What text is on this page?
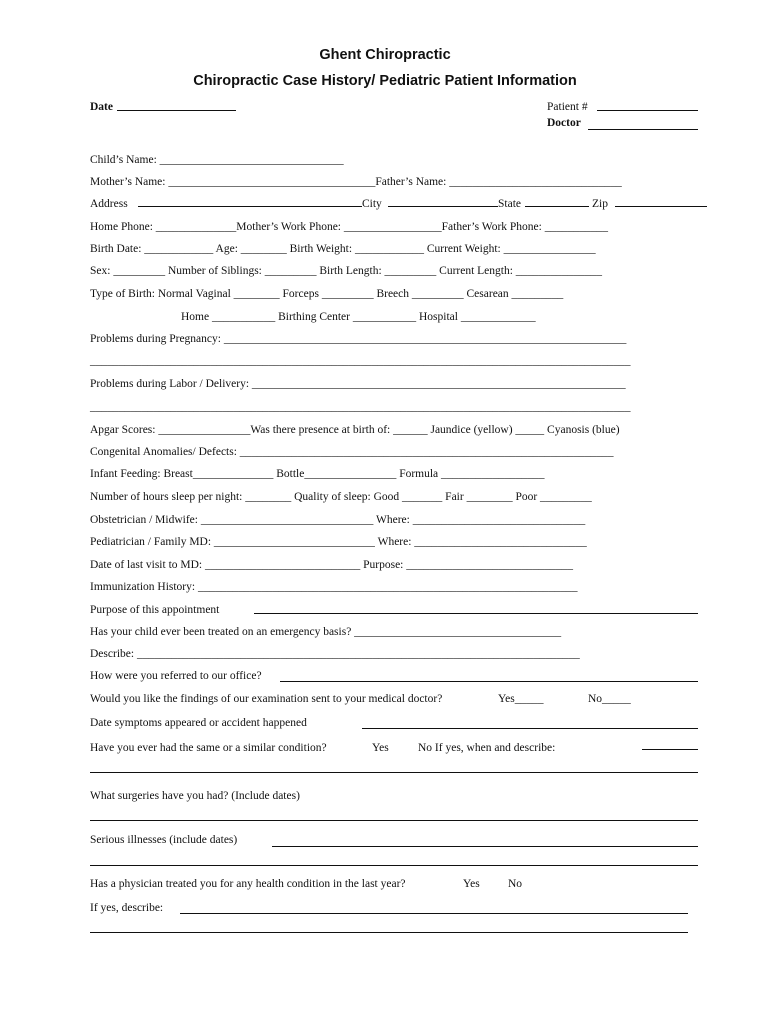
Ghent Chiropractic
Chiropractic Case History/ Pediatric Patient Information
Date	Patient #
Doctor
Child’s Name: ________________________________
Mother’s Name: ____________________________________Father’s Name: ______________________________
Address	City	State	Zip
Home Phone: ______________Mother’s Work Phone: _________________Father’s Work Phone: ___________
Birth Date: ____________ Age: ________ Birth Weight: ____________ Current Weight: ________________
Sex: _________ Number of Siblings: _________ Birth Length: _________ Current Length: _______________
Type of Birth: Normal Vaginal ________ Forceps _________ Breech _________ Cesarean _________
Home ___________ Birthing Center ___________ Hospital _____________
Problems during Pregnancy: ______________________________________________________________________
______________________________________________________________________________________________
Problems during Labor / Delivery: _________________________________________________________________
______________________________________________________________________________________________
Apgar Scores: ________________Was there presence at birth of: ______ Jaundice (yellow) _____ Cyanosis (blue)
Congenital Anomalies/ Defects: _________________________________________________________________
Infant Feeding: Breast______________ Bottle________________ Formula __________________
Number of hours sleep per night: ________ Quality of sleep: Good _______ Fair ________ Poor _________
Obstetrician / Midwife: ______________________________ Where: ______________________________
Pediatrician / Family MD: ____________________________ Where: ______________________________
Date of last visit to MD: ___________________________ Purpose: _____________________________
Immunization History: __________________________________________________________________
Purpose of this appointment
Has your child ever been treated on an emergency basis? ____________________________________
Describe: _____________________________________________________________________________
How were you referred to our office?
Would you like the findings of our examination sent to your medical doctor?	Yes_____	No_____
Date symptoms appeared or accident happened
Have you ever had the same or a similar condition?	Yes	No If yes, when and describe:
What surgeries have you had? (Include dates)
Serious illnesses (include dates)
Has a physician treated you for any health condition in the last year?	Yes No
If yes, describe:
